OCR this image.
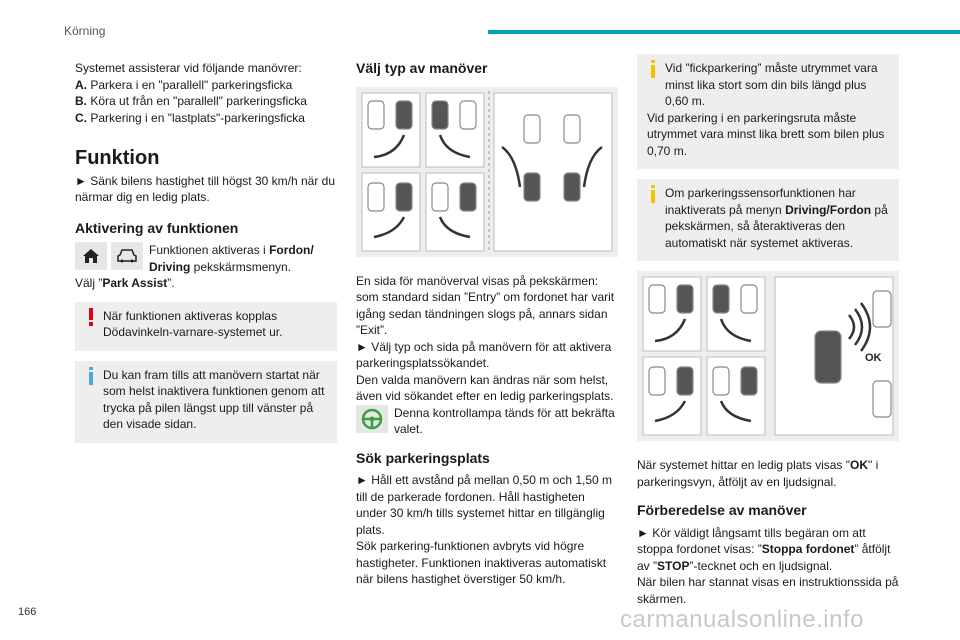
Körning

Systemet assisterar vid följande manövrer:

A. Parkera i en "parallell" parkeringsficka

B. Köra ut från en "parallell" parkeringsficka

C. Parkering i en "lastplats"-parkeringsficka

Funktion

► Sänk bilens hastighet till högst 30 km/h när du närmar dig en ledig plats.

Aktivering av funktionen

Funktionen aktiveras i Fordon/ Driving pekskärmsmenyn.

Välj ”Park Assist”.

När funktionen aktiveras kopplas Dödavinkeln-varnare-systemet ur.

Du kan fram tills att manövern startat när som helst inaktivera funktionen genom att trycka på pilen längst upp till vänster på den visade sidan.

Välj typ av manöver

En sida för manöverval visas på pekskärmen: som standard sidan ”Entry” om fordonet har varit igång sedan tändningen slogs på, annars sidan ”Exit”.

► Välj typ och sida på manövern för att aktivera parkeringsplatssökandet.

Den valda manövern kan ändras när som helst, även vid sökandet efter en ledig parkeringsplats.

Denna kontrollampa tänds för att bekräfta valet.

Sök parkeringsplats

► Håll ett avstånd på mellan 0,50 m och 1,50 m till de parkerade fordonen. Håll hastigheten under 30 km/h tills systemet hittar en tillgänglig plats.

Sök parkering-funktionen avbryts vid högre hastigheter. Funktionen inaktiveras automatiskt när bilens hastighet överstiger 50 km/h.

Vid ”fickparkering” måste utrymmet vara minst lika stort som din bils längd plus 0,60 m.

Vid parkering i en parkeringsruta måste utrymmet vara minst lika brett som bilen plus 0,70 m.

Om parkeringssensorfunktionen har inaktiverats på menyn Driving/Fordon på pekskärmen, så återaktiveras den automatiskt när systemet aktiveras.

OK

När systemet hittar en ledig plats visas "OK" i parkeringsvyn, åtföljt av en ljudsignal.

Förberedelse av manöver

► Kör väldigt långsamt tills begäran om att stoppa fordonet visas: ”Stoppa fordonet” åtföljt av ”STOP”-tecknet och en ljudsignal.

När bilen har stannat visas en instruktionssida på skärmen.

166	carmanualsonline.info
